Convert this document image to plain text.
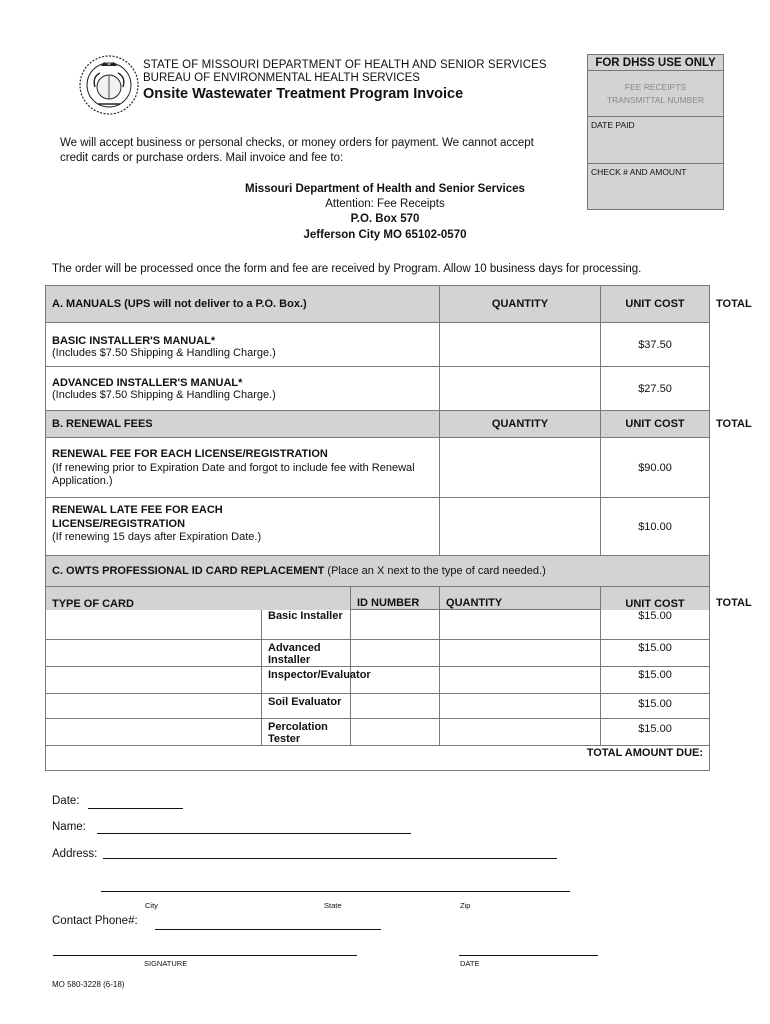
STATE OF MISSOURI DEPARTMENT OF HEALTH AND SENIOR SERVICES
BUREAU OF ENVIRONMENTAL HEALTH SERVICES
Onsite Wastewater Treatment Program Invoice
FOR DHSS USE ONLY
FEE RECEIPTS
TRANSMITTAL NUMBER
DATE PAID
CHECK # AND AMOUNT
We will accept business or personal checks, or money orders for payment. We cannot accept credit cards or purchase orders. Mail invoice and fee to:
Missouri Department of Health and Senior Services
Attention: Fee Receipts
P.O. Box 570
Jefferson City MO 65102-0570
The order will be processed once the form and fee are received by Program. Allow 10 business days for processing.
A. MANUALS (UPS will not deliver to a P.O. Box.)			QUANTITY	UNIT COST	TOTAL

BASIC INSTALLER'S MANUAL*
(Includes $7.50 Shipping & Handling Charge.)				$37.50	

ADVANCED INSTALLER'S MANUAL*
(Includes $7.50 Shipping & Handling Charge.)				$27.50	
B. RENEWAL FEES			QUANTITY	UNIT COST	TOTAL

RENEWAL FEE FOR EACH LICENSE/REGISTRATION
(If renewing prior to Expiration Date and forgot to include fee with Renewal Application.)				$90.00	

RENEWAL LATE FEE FOR EACH LICENSE/REGISTRATION
(If renewing 15 days after Expiration Date.)				$10.00	
C. OWTS PROFESSIONAL ID CARD REPLACEMENT (Place an X next to the type of card needed.)					
TYPE OF CARD		ID NUMBER	QUANTITY	UNIT COST	TOTAL
	Basic Installer			$15.00	
	Advanced Installer			$15.00	
	Inspector/Evaluator			$15.00	
	Soil Evaluator			$15.00	
	Percolation Tester			$15.00	
TOTAL AMOUNT DUE:					
Date:
Name:
Address:
City	State	Zip
Contact Phone#:
SIGNATURE	DATE
MO 580-3228 (6-18)
